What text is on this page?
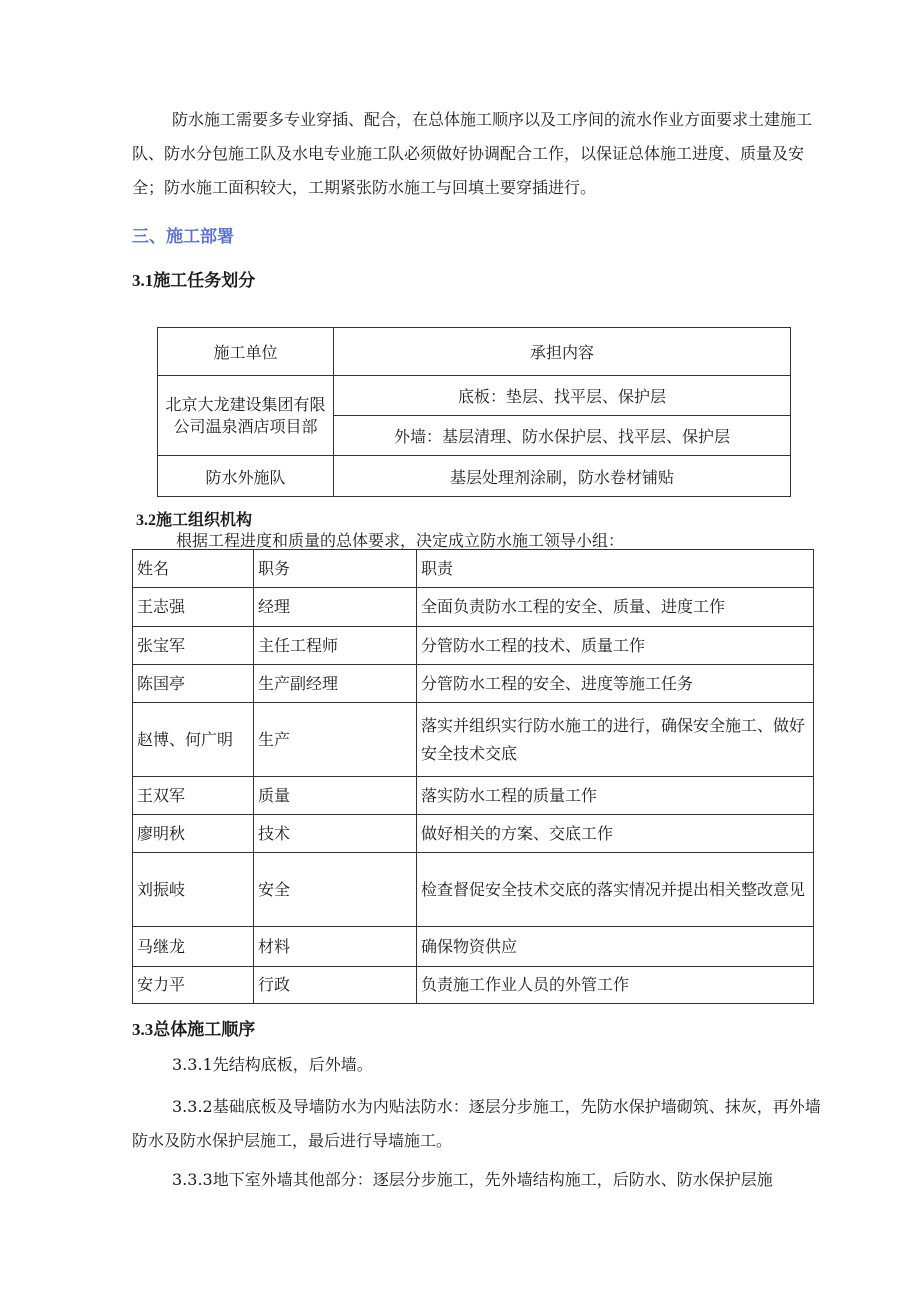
防水施工需要多专业穿插、配合，在总体施工顺序以及工序间的流水作业方面要求土建施工队、防水分包施工队及水电专业施工队必须做好协调配合工作，以保证总体施工进度、质量及安全；防水施工面积较大，工期紧张防水施工与回填土要穿插进行。

三、施工部署
3.1施工任务划分
施工单位	承担内容
北京大龙建设集团有限公司温泉酒店项目部	底板：垫层、找平层、保护层
	外墙：基层清理、防水保护层、找平层、保护层
防水外施队	基层处理剂涂刷，防水卷材铺贴
3.2施工组织机构

根据工程进度和质量的总体要求，决定成立防水施工领导小组：

姓名	职务	职责
王志强	经理	全面负责防水工程的安全、质量、进度工作
张宝军	主任工程师	分管防水工程的技术、质量工作
陈国亭	生产副经理	分管防水工程的安全、进度等施工任务
赵博、何广明	生产	落实并组织实行防水施工的进行，确保安全施工、做好安全技术交底
王双军	质量	落实防水工程的质量工作
廖明秋	技术	做好相关的方案、交底工作
刘振岐	安全	检查督促安全技术交底的落实情况并提出相关整改意见
马继龙	材料	确保物资供应
安力平	行政	负责施工作业人员的外管工作
3.3总体施工顺序

3.3.1先结构底板，后外墙。

3.3.2基础底板及导墙防水为内贴法防水：逐层分步施工，先防水保护墙砌筑、抹灰，再外墙防水及防水保护层施工，最后进行导墙施工。

3.3.3地下室外墙其他部分：逐层分步施工，先外墙结构施工，后防水、防水保护层施
